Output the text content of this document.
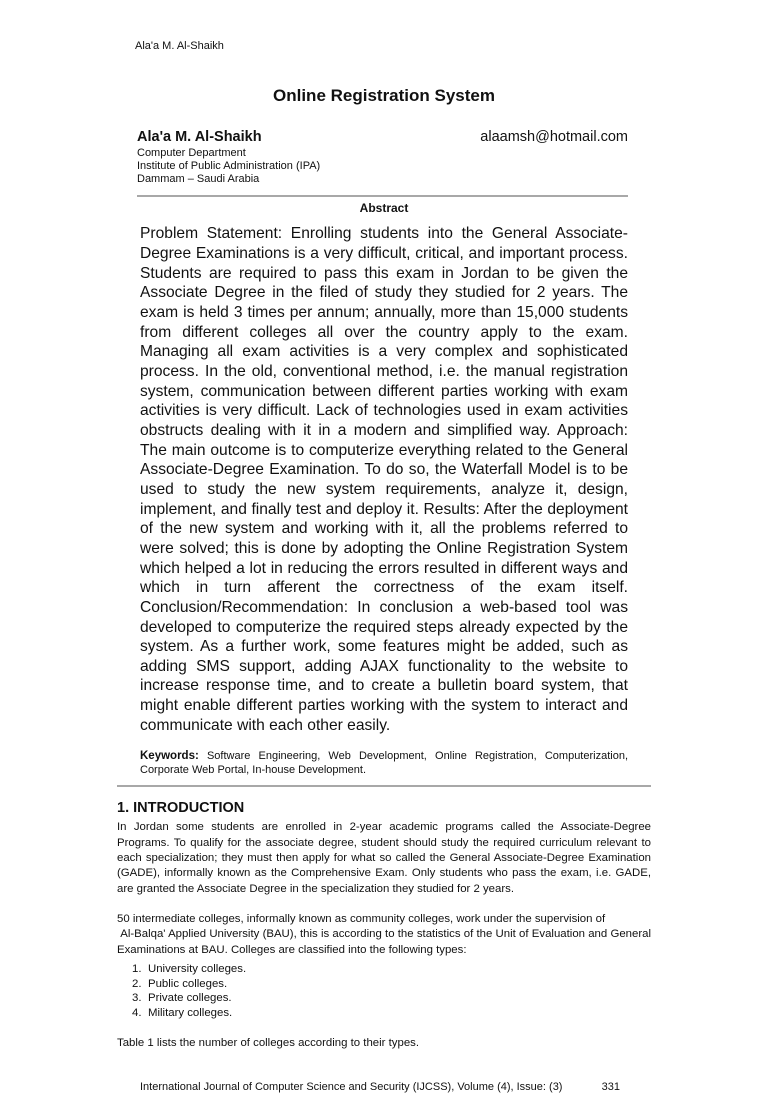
Ala'a M. Al-Shaikh
Online Registration System
Ala'a M. Al-Shaikh	alaamsh@hotmail.com
Computer Department
Institute of Public Administration (IPA)
Dammam – Saudi Arabia
Abstract
Problem Statement: Enrolling students into the General Associate-Degree Examinations is a very difficult, critical, and important process. Students are required to pass this exam in Jordan to be given the Associate Degree in the filed of study they studied for 2 years. The exam is held 3 times per annum; annually, more than 15,000 students from different colleges all over the country apply to the exam. Managing all exam activities is a very complex and sophisticated process. In the old, conventional method, i.e. the manual registration system, communication between different parties working with exam activities is very difficult. Lack of technologies used in exam activities obstructs dealing with it in a modern and simplified way. Approach: The main outcome is to computerize everything related to the General Associate-Degree Examination. To do so, the Waterfall Model is to be used to study the new system requirements, analyze it, design, implement, and finally test and deploy it. Results: After the deployment of the new system and working with it, all the problems referred to were solved; this is done by adopting the Online Registration System which helped a lot in reducing the errors resulted in different ways and which in turn afferent the correctness of the exam itself. Conclusion/Recommendation: In conclusion a web-based tool was developed to computerize the required steps already expected by the system. As a further work, some features might be added, such as adding SMS support, adding AJAX functionality to the website to increase response time, and to create a bulletin board system, that might enable different parties working with the system to interact and communicate with each other easily.
Keywords: Software Engineering, Web Development, Online Registration, Computerization, Corporate Web Portal, In-house Development.
1. INTRODUCTION
In Jordan some students are enrolled in 2-year academic programs called the Associate-Degree Programs. To qualify for the associate degree, student should study the required curriculum relevant to each specialization; they must then apply for what so called the General Associate-Degree Examination (GADE), informally known as the Comprehensive Exam. Only students who pass the exam, i.e. GADE, are granted the Associate Degree in the specialization they studied for 2 years.
50 intermediate colleges, informally known as community colleges, work under the supervision of
Al-Balqa' Applied University (BAU), this is according to the statistics of the Unit of Evaluation and General Examinations at BAU. Colleges are classified into the following types:
1. University colleges.
2. Public colleges.
3. Private colleges.
4. Military colleges.
Table 1 lists the number of colleges according to their types.
International Journal of Computer Science and Security (IJCSS), Volume (4), Issue: (3)	331
